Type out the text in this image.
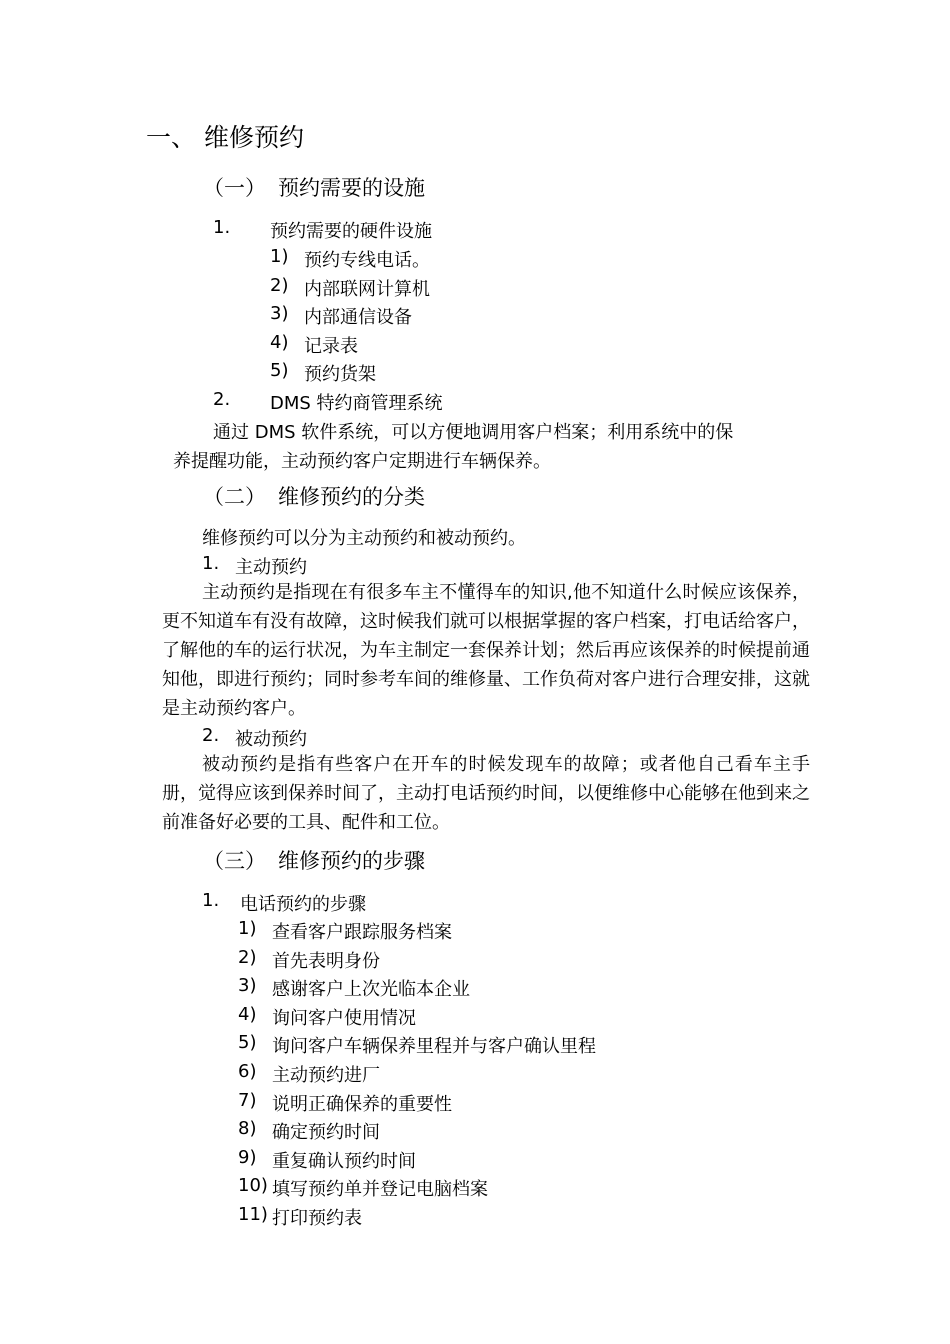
一、 维修预约
（一） 预约需要的设施
1. 预约需要的硬件设施
1) 预约专线电话。
2) 内部联网计算机
3) 内部通信设备
4) 记录表
5) 预约货架
2. DMS 特约商管理系统
通过 DMS 软件系统，可以方便地调用客户档案；利用系统中的保
养提醒功能，主动预约客户定期进行车辆保养。
（二） 维修预约的分类
维修预约可以分为主动预约和被动预约。
1. 主动预约

主动预约是指现在有很多车主不懂得车的知识,他不知道什么时候应该保养，更不知道车有没有故障，这时候我们就可以根据掌握的客户档案，打电话给客户，了解他的车的运行状况，为车主制定一套保养计划；然后再应该保养的时候提前通知他，即进行预约；同时参考车间的维修量、工作负荷对客户进行合理安排，这就是主动预约客户。

2. 被动预约

被动预约是指有些客户在开车的时候发现车的故障；或者他自己看车主手册，觉得应该到保养时间了，主动打电话预约时间，以便维修中心能够在他到来之前准备好必要的工具、配件和工位。

（三） 维修预约的步骤
1. 电话预约的步骤
1) 查看客户跟踪服务档案
2) 首先表明身份
3) 感谢客户上次光临本企业
4) 询问客户使用情况
5) 询问客户车辆保养里程并与客户确认里程
6) 主动预约进厂
7) 说明正确保养的重要性
8) 确定预约时间
9) 重复确认预约时间
10) 填写预约单并登记电脑档案
11) 打印预约表
